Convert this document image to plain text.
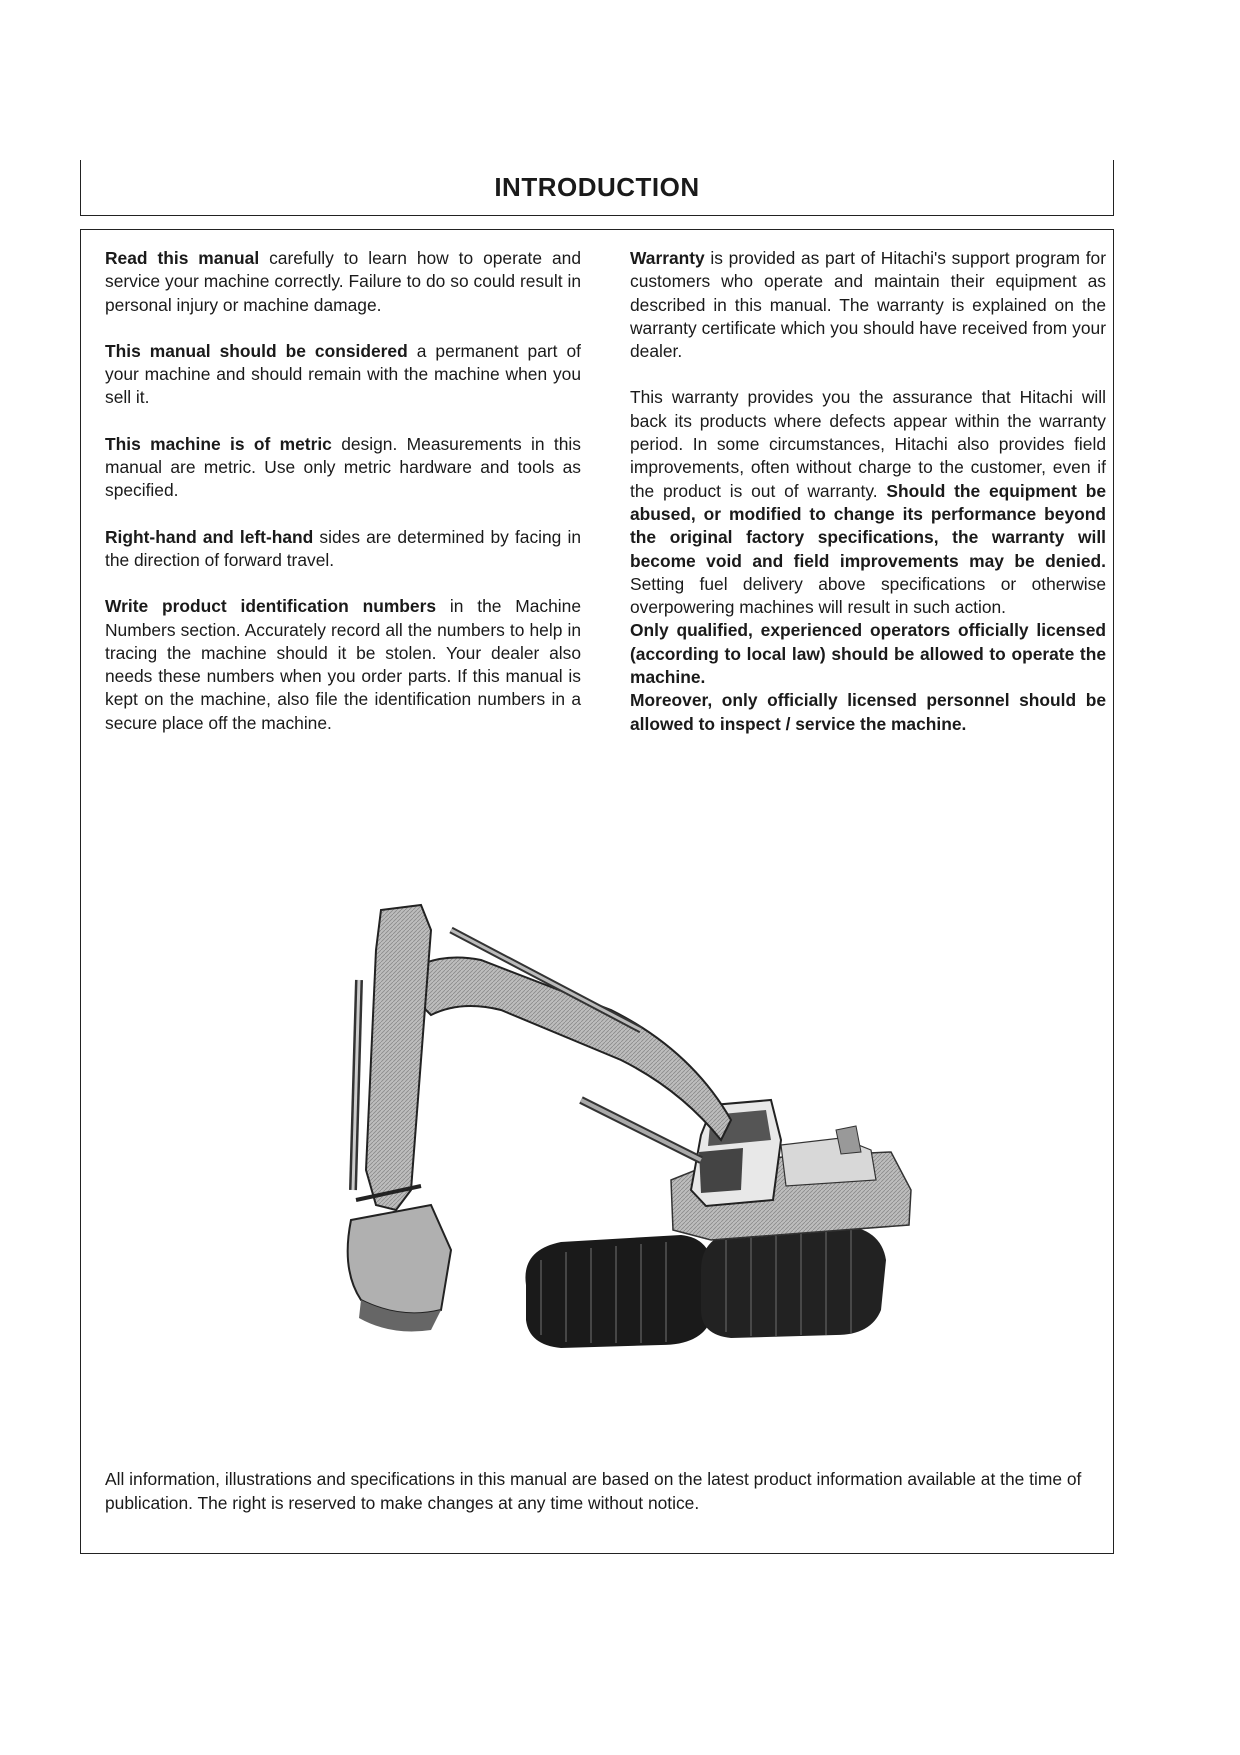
INTRODUCTION

Read this manual carefully to learn how to operate and service your machine correctly. Failure to do so could result in personal injury or machine damage.

This manual should be considered a permanent part of your machine and should remain with the machine when you sell it.

This machine is of metric design. Measurements in this manual are metric. Use only metric hardware and tools as specified.

Right-hand and left-hand sides are determined by facing in the direction of forward travel.

Write product identification numbers in the Machine Numbers section. Accurately record all the numbers to help in tracing the machine should it be stolen. Your dealer also needs these numbers when you order parts. If this manual is kept on the machine, also file the identification numbers in a secure place off the machine.

Warranty is provided as part of Hitachi's support program for customers who operate and maintain their equipment as described in this manual. The warranty is explained on the warranty certificate which you should have received from your dealer.

This warranty provides you the assurance that Hitachi will back its products where defects appear within the warranty period. In some circumstances, Hitachi also provides field improvements, often without charge to the customer, even if the product is out of warranty. Should the equipment be abused, or modified to change its performance beyond the original factory specifications, the warranty will become void and field improvements may be denied. Setting fuel delivery above specifications or otherwise overpowering machines will result in such action.

Only qualified, experienced operators officially licensed (according to local law) should be allowed to operate the machine.

Moreover, only officially licensed personnel should be allowed to inspect / service the machine.

All information, illustrations and specifications in this manual are based on the latest product information available at the time of publication. The right is reserved to make changes at any time without notice.
